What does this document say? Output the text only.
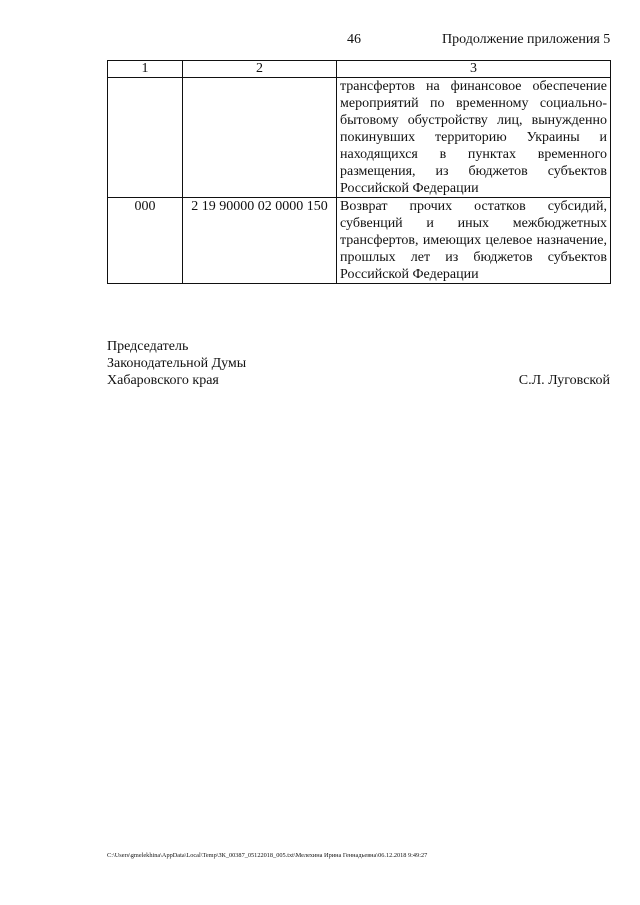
46	Продолжение приложения 5
1	2	3
		трансфертов на финансовое обеспечение мероприятий по временному социально-бытовому обустройству лиц, вынужденно покинувших территорию Украины и находящихся в пунктах временного размещения, из бюджетов субъектов Российской Федерации
000	2 19 90000 02 0000 150	Возврат прочих остатков субсидий, субвенций и иных межбюджетных трансфертов, имеющих целевое назначение, прошлых лет из бюджетов субъектов Российской Федерации
Председатель
Законодательной Думы
Хабаровского края	С.Л. Луговской
C:\Users\gmelekhina\AppData\Local\Temp\ЗК_00387_05122018_005.txt\Мелехина Ирина Геннадьевна\06.12.2018 9:49:27
